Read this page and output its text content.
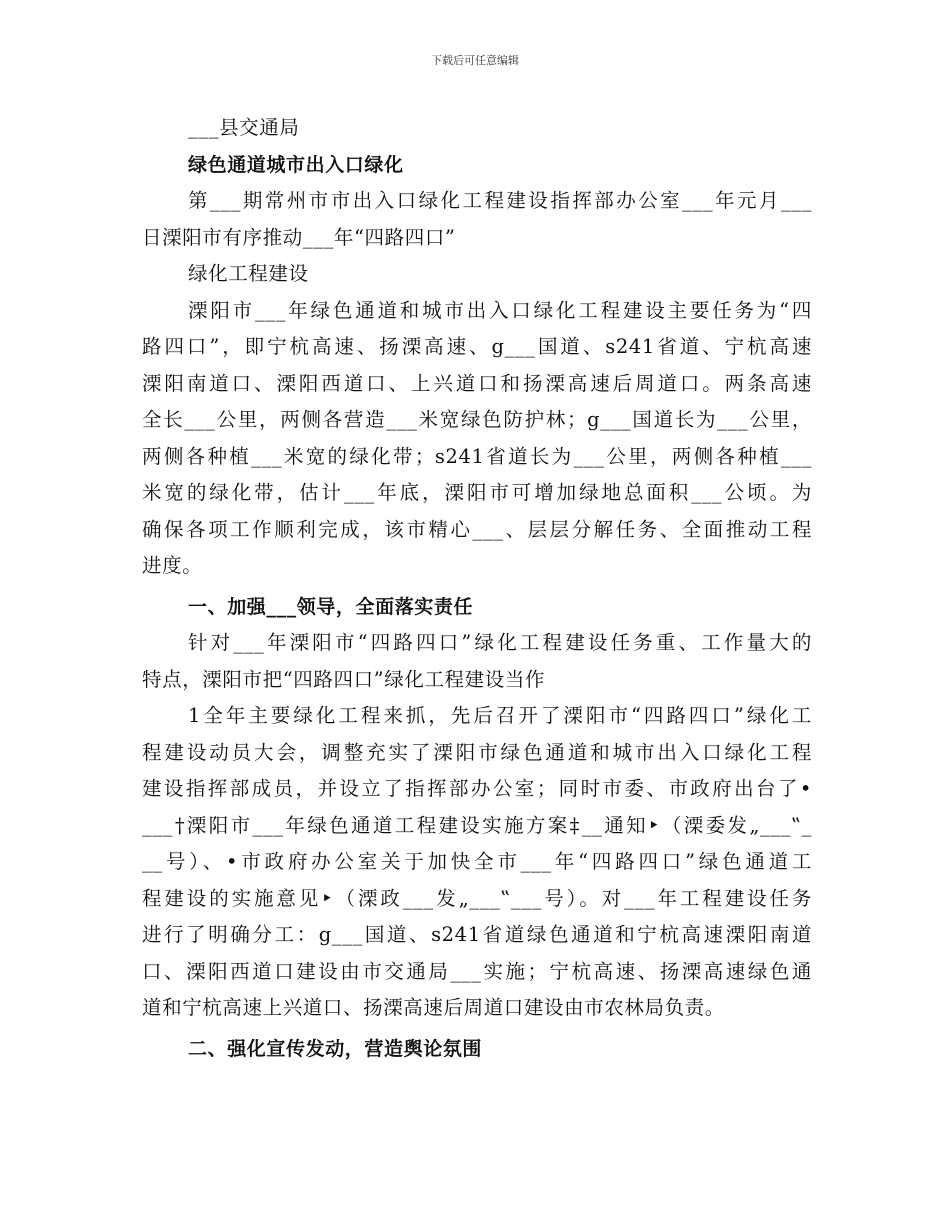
下载后可任意编辑
___县交通局
绿色通道城市出入口绿化
第___期常州市市出入口绿化工程建设指挥部办公室___年元月___
日溧阳市有序推动___年“四路四口”
绿化工程建设
溧阳市___年绿色通道和城市出入口绿化工程建设主要任务为“四
路四口”，即宁杭高速、扬溧高速、g___国道、s241省道、宁杭高速
溧阳南道口、溧阳西道口、上兴道口和扬溧高速后周道口。两条高速
全长___公里，两侧各营造___米宽绿色防护林；g___国道长为___公里，
两侧各种植___米宽的绿化带；s241省道长为___公里，两侧各种植___
米宽的绿化带，估计___年底，溧阳市可增加绿地总面积___公顷。为
确保各项工作顺利完成，该市精心___、层层分解任务、全面推动工程
进度。
一、加强___领导，全面落实责任
针对___年溧阳市“四路四口”绿化工程建设任务重、工作量大的
特点，溧阳市把“四路四口”绿化工程建设当作
1全年主要绿化工程来抓，先后召开了溧阳市“四路四口”绿化工
程建设动员大会，调整充实了溧阳市绿色通道和城市出入口绿化工程
建设指挥部成员，并设立了指挥部办公室；同时市委、市政府出台了•
___†溧阳市___年绿色通道工程建设实施方案‡__通知‣（溧委发„___‟_
__号）、•市政府办公室关于加快全市___年“四路四口”绿色通道工
程建设的实施意见‣（溧政___发„___‟___号）。对___年工程建设任务
进行了明确分工：g___国道、s241省道绿色通道和宁杭高速溧阳南道
口、溧阳西道口建设由市交通局___实施；宁杭高速、扬溧高速绿色通
道和宁杭高速上兴道口、扬溧高速后周道口建设由市农林局负责。
二、强化宣传发动，营造舆论氛围
